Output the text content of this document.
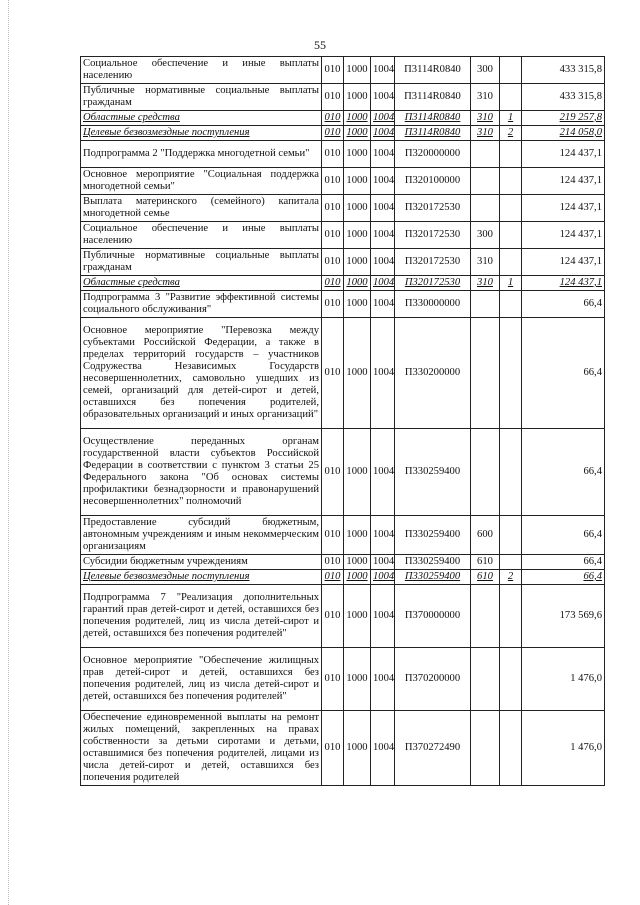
55
Социальное обеспечение и иные выплаты населению	010	1000	1004	П3114R0840	300		433 315,8
Публичные нормативные социальные выплаты гражданам	010	1000	1004	П3114R0840	310		433 315,8
Областные средства	010	1000	1004	П3114R0840	310	1	219 257,8
Целевые безвозмездные поступления	010	1000	1004	П3114R0840	310	2	214 058,0
Подпрограмма 2 "Поддержка многодетной семьи"	010	1000	1004	П320000000			124 437,1
Основное мероприятие "Социальная поддержка многодетной семьи"	010	1000	1004	П320100000			124 437,1
Выплата материнского (семейного) капитала многодетной семье	010	1000	1004	П320172530			124 437,1
Социальное обеспечение и иные выплаты населению	010	1000	1004	П320172530	300		124 437,1
Публичные нормативные социальные выплаты гражданам	010	1000	1004	П320172530	310		124 437,1
Областные средства	010	1000	1004	П320172530	310	1	124 437,1
Подпрограмма 3 "Развитие эффективной системы социального обслуживания"	010	1000	1004	П330000000			66,4
Основное мероприятие "Перевозка между субъектами Российской Федерации, а также в пределах территорий государств – участников Содружества Независимых Государств несовершеннолетних, самовольно ушедших из семей, организаций для детей-сирот и детей, оставшихся без попечения родителей, образовательных организаций и иных организаций"	010	1000	1004	П330200000			66,4
Осуществление переданных органам государственной власти субъектов Российской Федерации в соответствии с пунктом 3 статьи 25 Федерального закона "Об основах системы профилактики безнадзорности и правонарушений несовершеннолетних" полномочий	010	1000	1004	П330259400			66,4
Предоставление субсидий бюджетным, автономным учреждениям и иным некоммерческим организациям	010	1000	1004	П330259400	600		66,4
Субсидии бюджетным учреждениям	010	1000	1004	П330259400	610		66,4
Целевые безвозмездные поступления	010	1000	1004	П330259400	610	2	66,4
Подпрограмма 7 "Реализация дополнительных гарантий прав детей-сирот и детей, оставшихся без попечения родителей, лиц из числа детей-сирот и детей, оставшихся без попечения родителей"	010	1000	1004	П370000000			173 569,6
Основное мероприятие "Обеспечение жилищных прав детей-сирот и детей, оставшихся без попечения родителей, лиц из числа детей-сирот и детей, оставшихся без попечения родителей"	010	1000	1004	П370200000			1 476,0
Обеспечение единовременной выплаты на ремонт жилых помещений, закрепленных на правах собственности за детьми сиротами и детьми, оставшимися без попечения родителей, лицами из числа детей-сирот и детей, оставшихся без попечения родителей	010	1000	1004	П370272490			1 476,0
